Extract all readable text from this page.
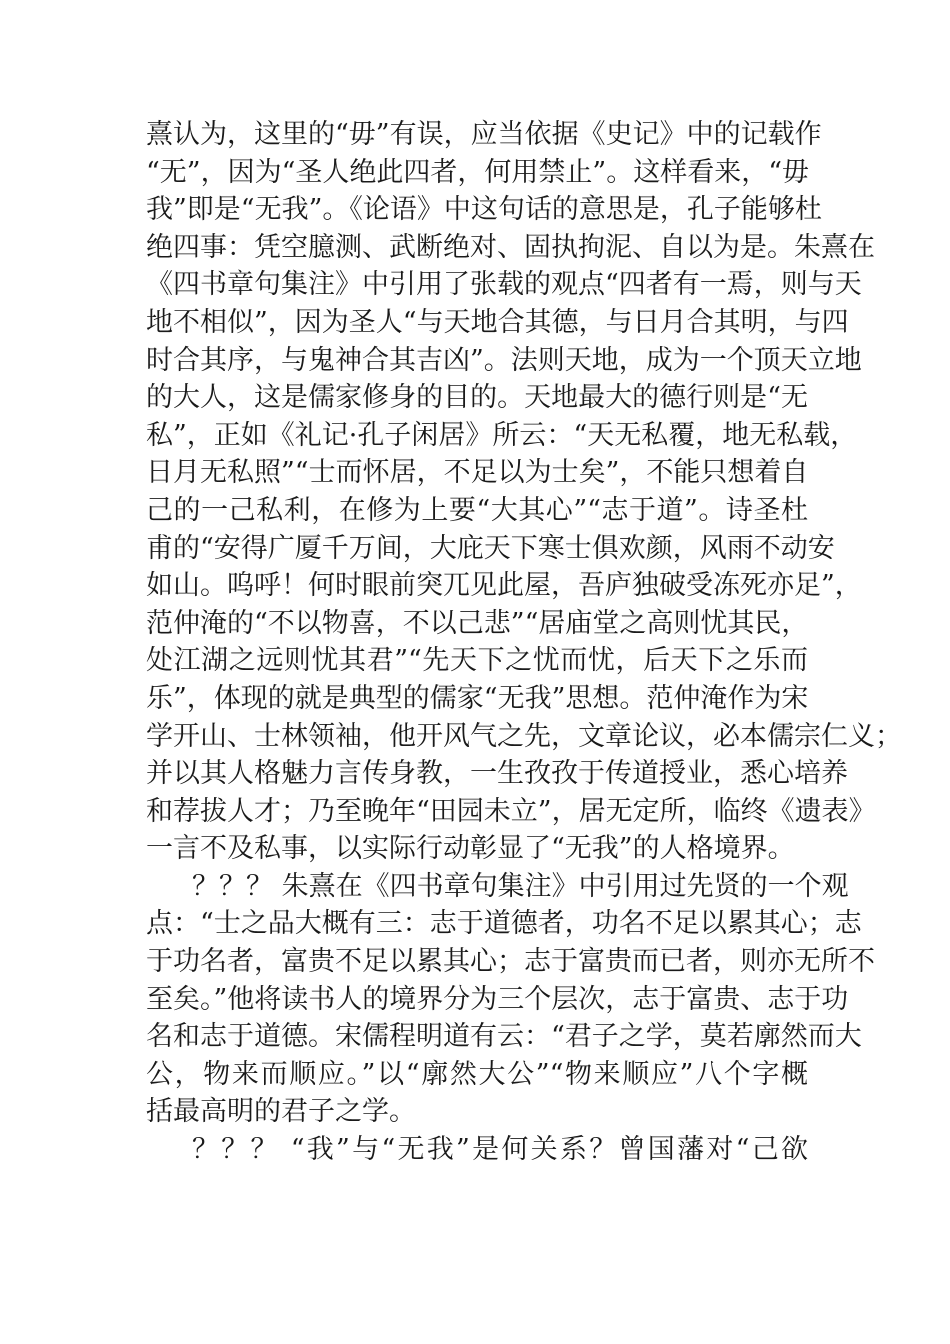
熹认为，这里的“毋”有误，应当依据《史记》中的记载作
“无”，因为“圣人绝此四者，何用禁止”。这样看来，“毋
我”即是“无我”。《论语》中这句话的意思是，孔子能够杜
绝四事：凭空臆测、武断绝对、固执拘泥、自以为是。朱熹在
《四书章句集注》中引用了张载的观点“四者有一焉，则与天
地不相似”，因为圣人“与天地合其德，与日月合其明，与四
时合其序，与鬼神合其吉凶”。法则天地，成为一个顶天立地
的大人，这是儒家修身的目的。天地最大的德行则是“无
私”，正如《礼记·孔子闲居》所云：“天无私覆，地无私载，
日月无私照”“士而怀居，不足以为士矣”，不能只想着自
己的一己私利，在修为上要“大其心”“志于道”。诗圣杜
甫的“安得广厦千万间，大庇天下寒士俱欢颜，风雨不动安
如山。呜呼！何时眼前突兀见此屋，吾庐独破受冻死亦足”，
范仲淹的“不以物喜，不以己悲”“居庙堂之高则忧其民，
处江湖之远则忧其君”“先天下之忧而忧，后天下之乐而
乐”，体现的就是典型的儒家“无我”思想。范仲淹作为宋
学开山、士林领袖，他开风气之先，文章论议，必本儒宗仁义；
并以其人格魅力言传身教，一生孜孜于传道授业，悉心培养
和荐拔人才；乃至晚年“田园未立”，居无定所，临终《遗表》
一言不及私事，以实际行动彰显了“无我”的人格境界。
？？？ 朱熹在《四书章句集注》中引用过先贤的一个观
点：“士之品大概有三：志于道德者，功名不足以累其心；志
于功名者，富贵不足以累其心；志于富贵而已者，则亦无所不
至矣。”他将读书人的境界分为三个层次，志于富贵、志于功
名和志于道德。宋儒程明道有云：“君子之学，莫若廓然而大
公，物来而顺应。”以“廓然大公”“物来顺应”八个字概
括最高明的君子之学。
？？？ “我”与“无我”是何关系？曾国藩对“己欲
